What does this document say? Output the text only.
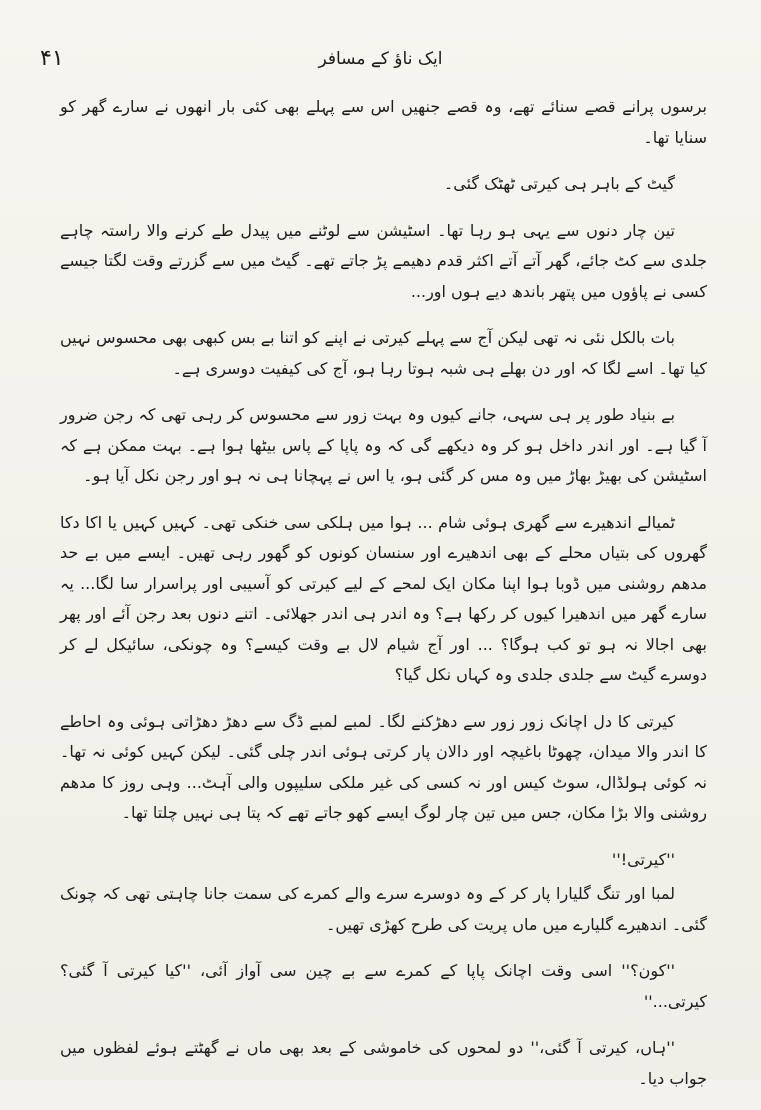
۴۱	ایک ناؤ کے مسافر

برسوں پرانے قصے سنائے تھے، وہ قصے جنھیں اس سے پہلے بھی کئی بار انھوں نے سارے گھر کو سنایا تھا۔

گیٹ کے باہر ہی کیرتی ٹھٹک گئی۔

تین چار دنوں سے یہی ہو رہا تھا۔ اسٹیشن سے لوٹنے میں پیدل طے کرنے والا راستہ چاہے جلدی سے کٹ جائے، گھر آتے آتے اکثر قدم دھیمے پڑ جاتے تھے۔ گیٹ میں سے گزرتے وقت لگتا جیسے کسی نے پاؤوں میں پتھر باندھ دیے ہوں اور...

بات بالکل نئی نہ تھی لیکن آج سے پہلے کیرتی نے اپنے کو اتنا بے بس کبھی بھی محسوس نہیں کیا تھا۔ اسے لگا کہ اور دن بھلے ہی شبہ ہوتا رہا ہو، آج کی کیفیت دوسری ہے۔

بے بنیاد طور پر ہی سہی، جانے کیوں وہ بہت زور سے محسوس کر رہی تھی کہ رجن ضرور آ گیا ہے۔ اور اندر داخل ہو کر وہ دیکھے گی کہ وہ پاپا کے پاس بیٹھا ہوا ہے۔ بہت ممکن ہے کہ اسٹیشن کی بھیڑ بھاڑ میں وہ مس کر گئی ہو، یا اس نے پہچانا ہی نہ ہو اور رجن نکل آیا ہو۔

ٹمیالے اندھیرے سے گھری ہوئی شام ... ہوا میں ہلکی سی خنکی تھی۔ کہیں کہیں یا اکا دکا گھروں کی بتیاں محلے کے بھی اندھیرے اور سنسان کونوں کو گھور رہی تھیں۔ ایسے میں بے حد مدھم روشنی میں ڈوبا ہوا اپنا مکان ایک لمحے کے لیے کیرتی کو آسیبی اور پراسرار سا لگا... یہ سارے گھر میں اندھیرا کیوں کر رکھا ہے؟ وہ اندر ہی اندر جھلائی۔ اتنے دنوں بعد رجن آئے اور پھر بھی اجالا نہ ہو تو کب ہوگا؟ ... اور آج شیام لال بے وقت کیسے؟ وہ چونکی، سائیکل لے کر دوسرے گیٹ سے جلدی جلدی وہ کہاں نکل گیا؟

کیرتی کا دل اچانک زور زور سے دھڑکنے لگا۔ لمبے لمبے ڈگ سے دھڑ دھڑاتی ہوئی وہ احاطے کا اندر والا میدان، چھوٹا باغیچہ اور دالان پار کرتی ہوئی اندر چلی گئی۔ لیکن کہیں کوئی نہ تھا۔ نہ کوئی ہولڈال، سوٹ کیس اور نہ کسی کی غیر ملکی سلیپوں والی آہٹ... وہی روز کا مدھم روشنی والا بڑا مکان، جس میں تین چار لوگ ایسے کھو جاتے تھے کہ پتا ہی نہیں چلتا تھا۔

''کیرتی!''

لمبا اور تنگ گلیارا پار کر کے وہ دوسرے سرے والے کمرے کی سمت جانا چاہتی تھی کہ چونک گئی۔ اندھیرے گلیارے میں ماں پریت کی طرح کھڑی تھیں۔

''کون؟'' اسی وقت اچانک پاپا کے کمرے سے بے چین سی آواز آئی، ''کیا کیرتی آ گئی؟ کیرتی...''

''ہاں، کیرتی آ گئی،'' دو لمحوں کی خاموشی کے بعد بھی ماں نے گھٹتے ہوئے لفظوں میں جواب دیا۔
